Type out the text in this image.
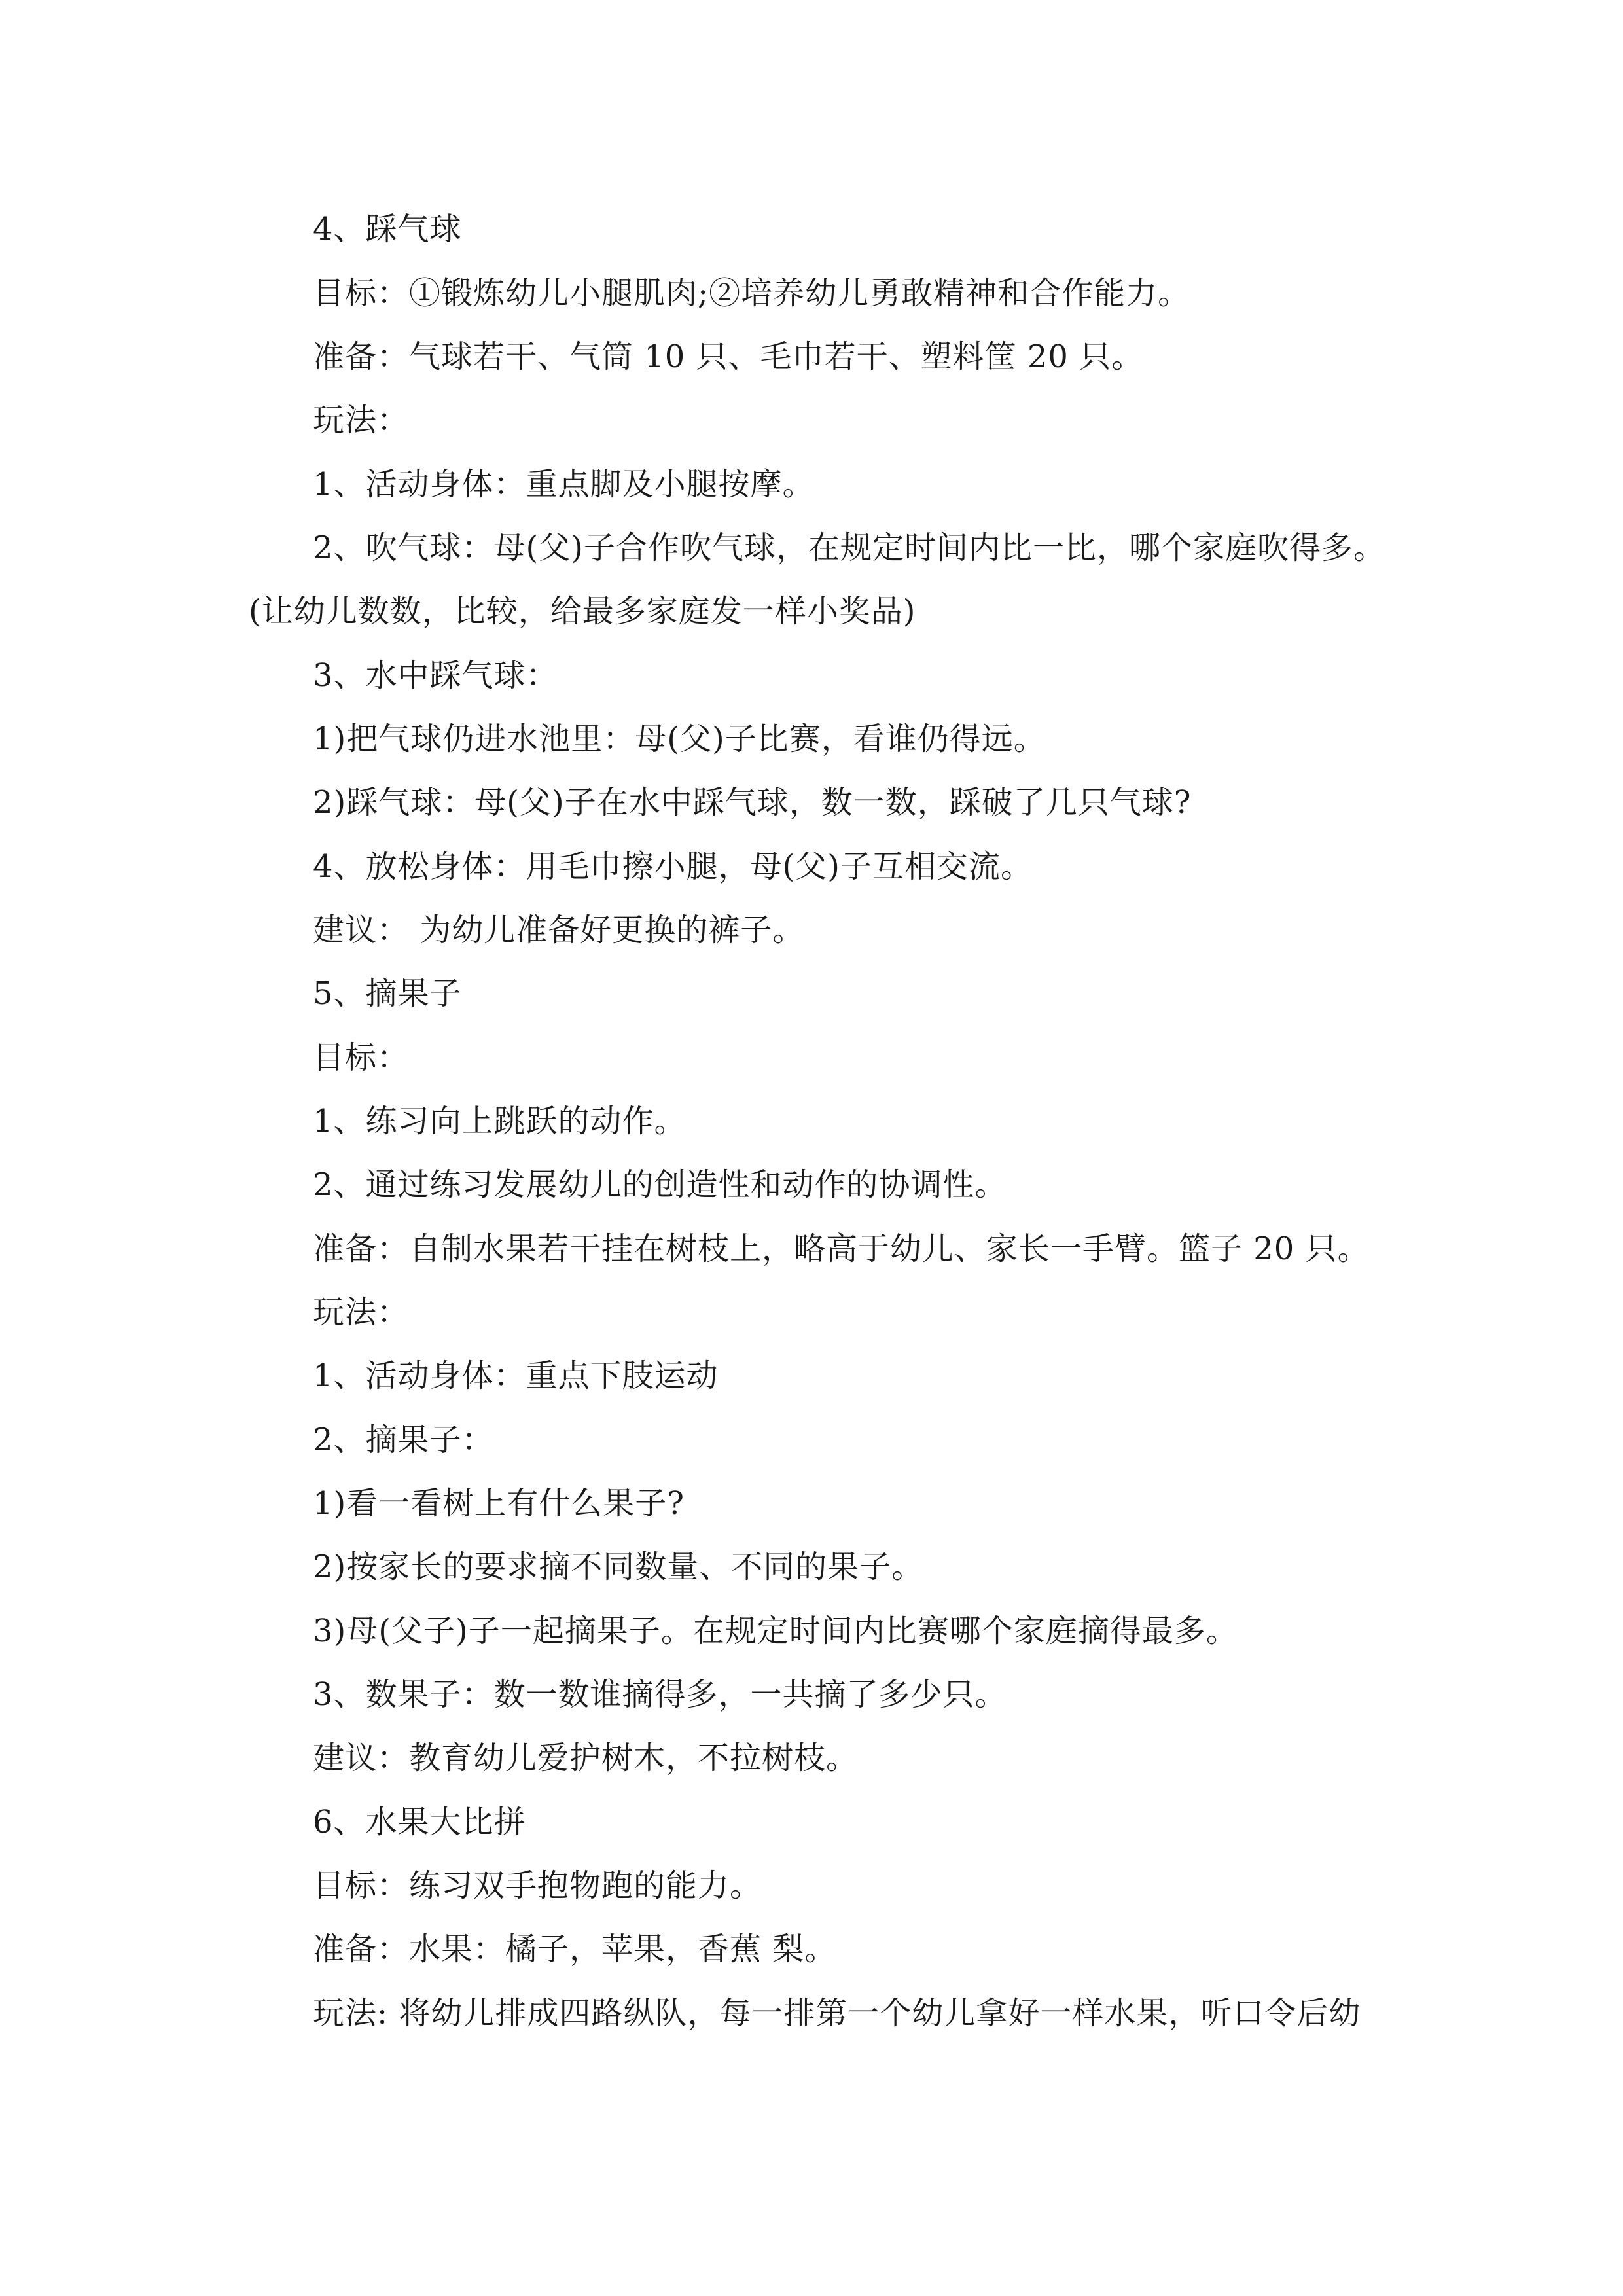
4、踩气球
目标：①锻炼幼儿小腿肌肉;②培养幼儿勇敢精神和合作能力。
准备：气球若干、气筒 10 只、毛巾若干、塑料筐 20 只。
玩法：
1、活动身体：重点脚及小腿按摩。
2、吹气球：母(父)子合作吹气球，在规定时间内比一比，哪个家庭吹得多。
(让幼儿数数，比较，给最多家庭发一样小奖品)
3、水中踩气球：
1)把气球仍进水池里：母(父)子比赛，看谁仍得远。
2)踩气球：母(父)子在水中踩气球，数一数，踩破了几只气球?
4、放松身体：用毛巾擦小腿，母(父)子互相交流。
建议： 为幼儿准备好更换的裤子。
5、摘果子
目标：
1、练习向上跳跃的动作。
2、通过练习发展幼儿的创造性和动作的协调性。
准备：自制水果若干挂在树枝上，略高于幼儿、家长一手臂。篮子 20 只。
玩法：
1、活动身体：重点下肢运动
2、摘果子：
1)看一看树上有什么果子?
2)按家长的要求摘不同数量、不同的果子。
3)母(父子)子一起摘果子。在规定时间内比赛哪个家庭摘得最多。
3、数果子：数一数谁摘得多，一共摘了多少只。
建议：教育幼儿爱护树木，不拉树枝。
6、水果大比拼
目标：练习双手抱物跑的能力。
准备：水果：橘子，苹果，香蕉 梨。
玩法: 将幼儿排成四路纵队，每一排第一个幼儿拿好一样水果，听口令后幼
